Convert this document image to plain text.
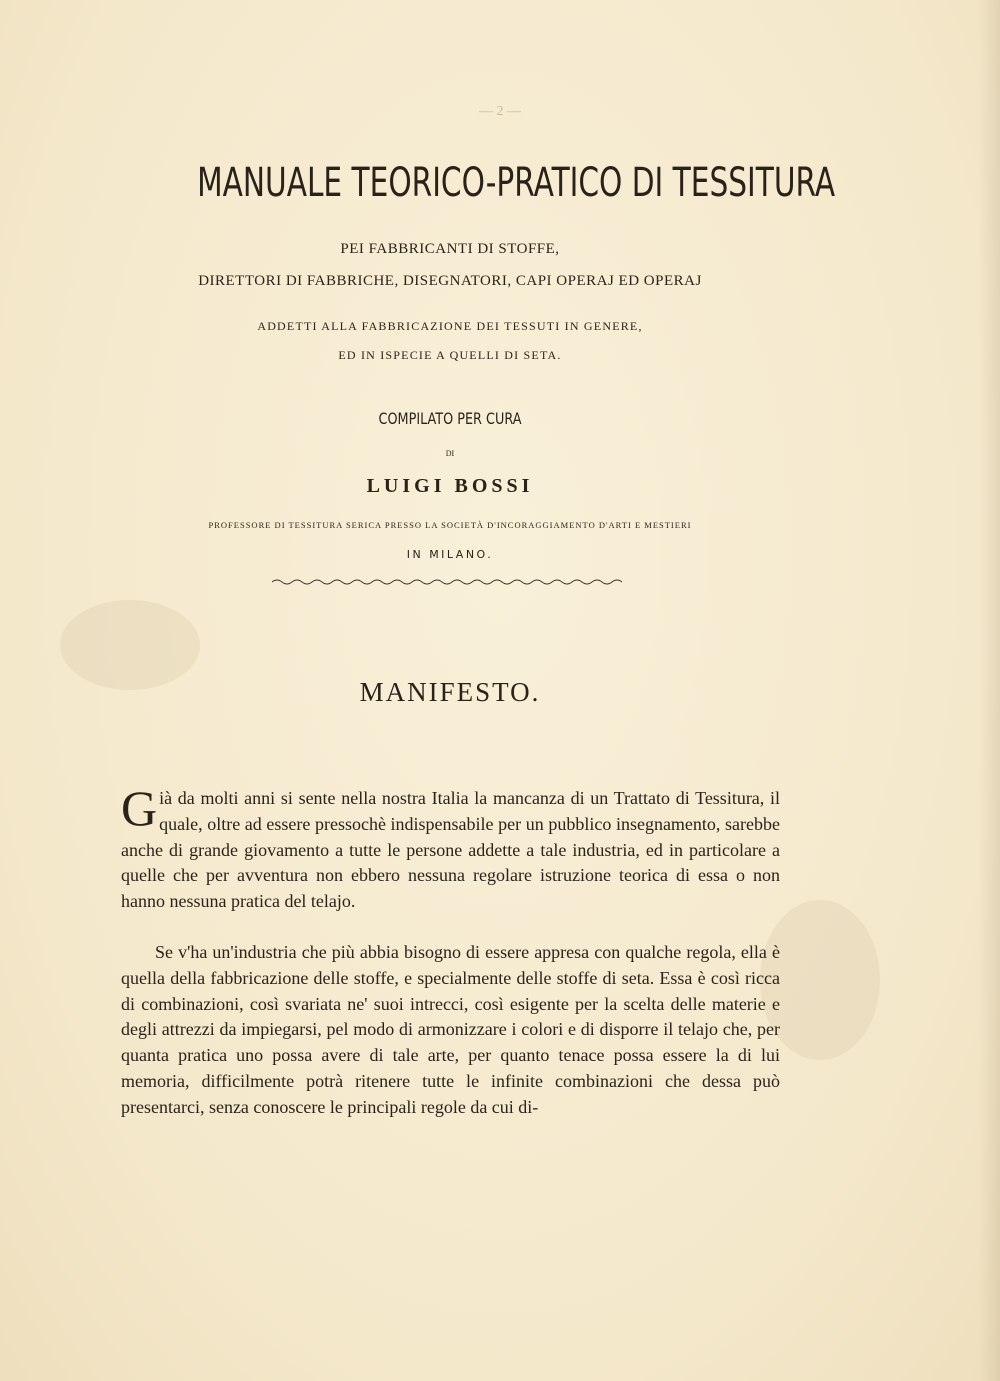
— 2 —
MANUALE TEORICO-PRATICO DI TESSITURA
PEI FABBRICANTI DI STOFFE,
DIRETTORI DI FABBRICHE, DISEGNATORI, CAPI OPERAJ ED OPERAJ
ADDETTI ALLA FABBRICAZIONE DEI TESSUTI IN GENERE,
ED IN ISPECIE A QUELLI DI SETA.
COMPILATO PER CURA
DI
LUIGI BOSSI
PROFESSORE DI TESSITURA SERICA PRESSO LA SOCIETÀ D'INCORAGGIAMENTO D'ARTI E MESTIERI
IN MILANO.
MANIFESTO.
Già da molti anni si sente nella nostra Italia la mancanza di un Trattato di Tessitura, il quale, oltre ad essere pressochè indispensabile per un pubblico insegnamento, sarebbe anche di grande giovamento a tutte le persone addette a tale industria, ed in particolare a quelle che per avventura non ebbero nessuna regolare istruzione teorica di essa o non hanno nessuna pratica del telajo.
Se v'ha un'industria che più abbia bisogno di essere appresa con qualche regola, ella è quella della fabbricazione delle stoffe, e specialmente delle stoffe di seta. Essa è così ricca di combinazioni, così svariata ne' suoi intrecci, così esigente per la scelta delle materie e degli attrezzi da impiegarsi, pel modo di armonizzare i colori e di disporre il telajo che, per quanta pratica uno possa avere di tale arte, per quanto tenace possa essere la di lui memoria, difficilmente potrà ritenere tutte le infinite combinazioni che dessa può presentarci, senza conoscere le principali regole da cui di-
